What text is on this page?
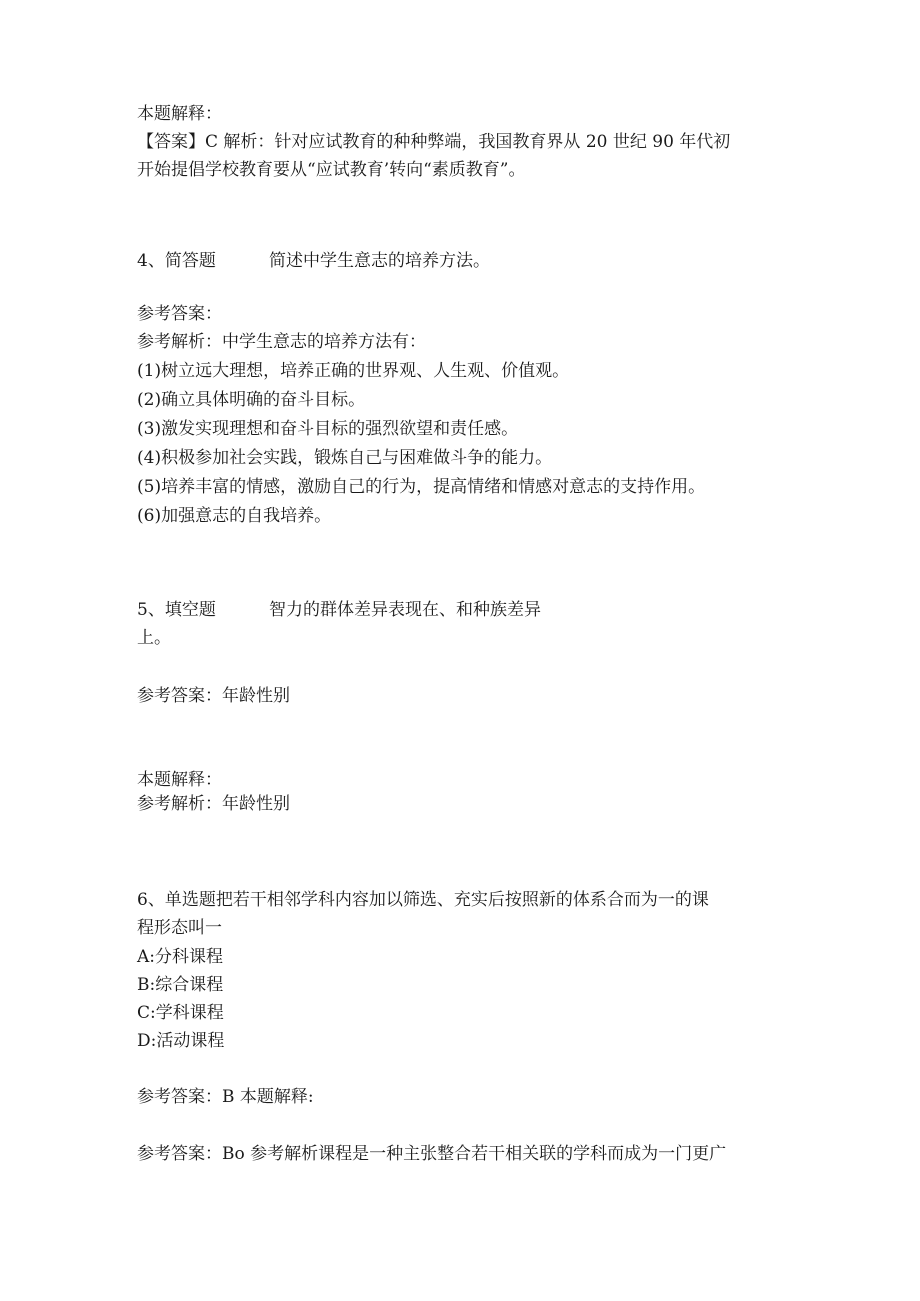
本题解释：
【答案】C 解析：针对应试教育的种种弊端，我国教育界从 20 世纪 90 年代初
开始提倡学校教育要从“应试教育’转向“素质教育”。
4、简答题	简述中学生意志的培养方法。
参考答案：
参考解析：中学生意志的培养方法有：
(1)树立远大理想，培养正确的世界观、人生观、价值观。
(2)确立具体明确的奋斗目标。
(3)激发实现理想和奋斗目标的强烈欲望和责任感。
(4)积极参加社会实践，锻炼自己与困难做斗争的能力。
(5)培养丰富的情感，激励自己的行为，提高情绪和情感对意志的支持作用。
(6)加强意志的自我培养。
5、填空题	智力的群体差异表现在、和种族差异
上。
参考答案：年龄性别
本题解释：
参考解析：年龄性别
6、单选题把若干相邻学科内容加以筛选、充实后按照新的体系合而为一的课
程形态叫一
A:分科课程
B:综合课程
C:学科课程
D:活动课程
参考答案：B 本题解释:
参考答案：Bo 参考解析课程是一种主张整合若干相关联的学科而成为一门更广
